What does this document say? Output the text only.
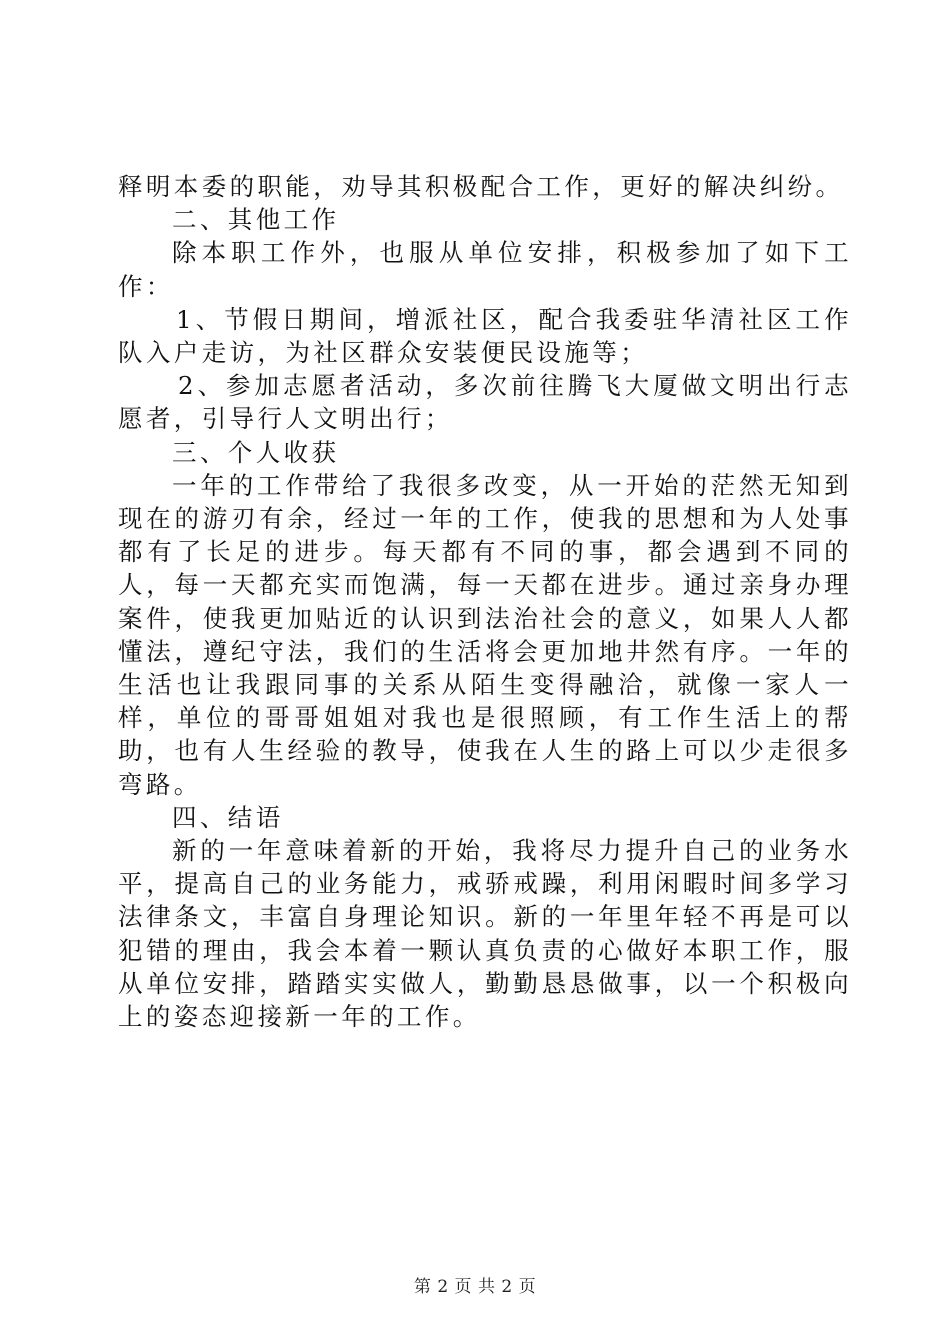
释明本委的职能，劝导其积极配合工作，更好的解决纠纷。

二、其他工作

除本职工作外，也服从单位安排，积极参加了如下工作：

1、节假日期间，增派社区，配合我委驻华清社区工作队入户走访，为社区群众安装便民设施等；

2、参加志愿者活动，多次前往腾飞大厦做文明出行志愿者，引导行人文明出行；

三、个人收获

一年的工作带给了我很多改变，从一开始的茫然无知到现在的游刃有余，经过一年的工作，使我的思想和为人处事都有了长足的进步。每天都有不同的事，都会遇到不同的人，每一天都充实而饱满，每一天都在进步。通过亲身办理案件，使我更加贴近的认识到法治社会的意义，如果人人都懂法，遵纪守法，我们的生活将会更加地井然有序。一年的生活也让我跟同事的关系从陌生变得融洽，就像一家人一样，单位的哥哥姐姐对我也是很照顾，有工作生活上的帮助，也有人生经验的教导，使我在人生的路上可以少走很多弯路。

四、结语

新的一年意味着新的开始，我将尽力提升自己的业务水平，提高自己的业务能力，戒骄戒躁，利用闲暇时间多学习法律条文，丰富自身理论知识。新的一年里年轻不再是可以犯错的理由，我会本着一颗认真负责的心做好本职工作，服从单位安排，踏踏实实做人，勤勤恳恳做事，以一个积极向上的姿态迎接新一年的工作。

第 2 页 共 2 页
